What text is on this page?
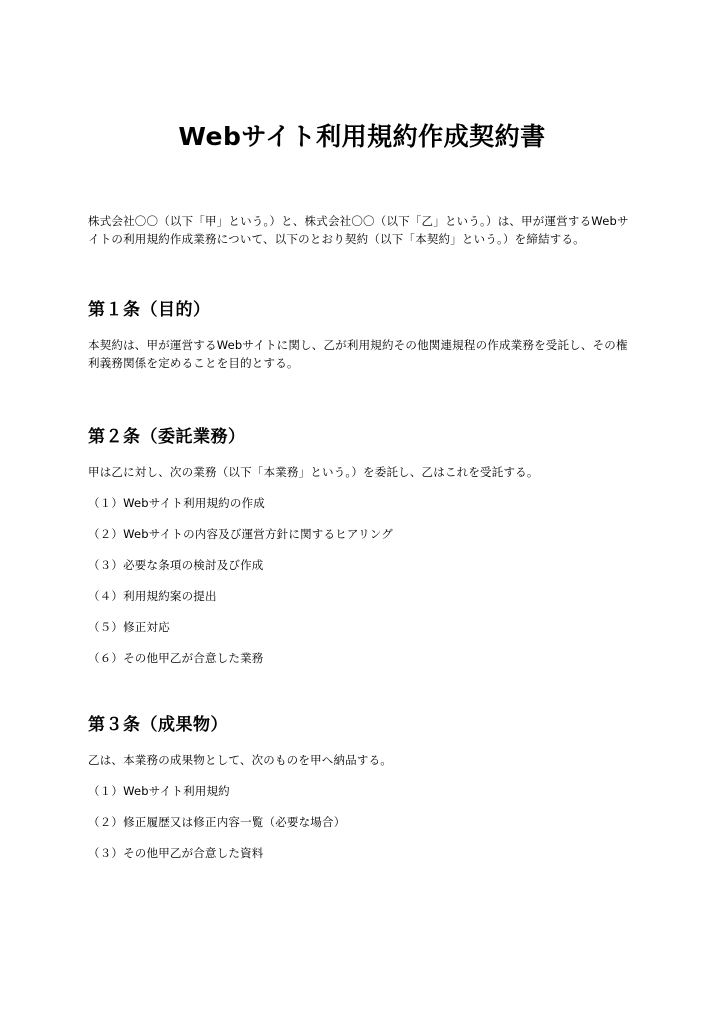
Webサイト利用規約作成契約書

株式会社〇〇（以下「甲」という。）と、株式会社〇〇（以下「乙」という。）は、甲が運営するWebサイトの利用規約作成業務について、以下のとおり契約（以下「本契約」という。）を締結する。

第１条（目的）

本契約は、甲が運営するWebサイトに関し、乙が利用規約その他関連規程の作成業務を受託し、その権利義務関係を定めることを目的とする。

第２条（委託業務）

甲は乙に対し、次の業務（以下「本業務」という。）を委託し、乙はこれを受託する。

（１）Webサイト利用規約の作成
（２）Webサイトの内容及び運営方針に関するヒアリング
（３）必要な条項の検討及び作成
（４）利用規約案の提出
（５）修正対応
（６）その他甲乙が合意した業務
第３条（成果物）

乙は、本業務の成果物として、次のものを甲へ納品する。

（１）Webサイト利用規約
（２）修正履歴又は修正内容一覧（必要な場合）
（３）その他甲乙が合意した資料
